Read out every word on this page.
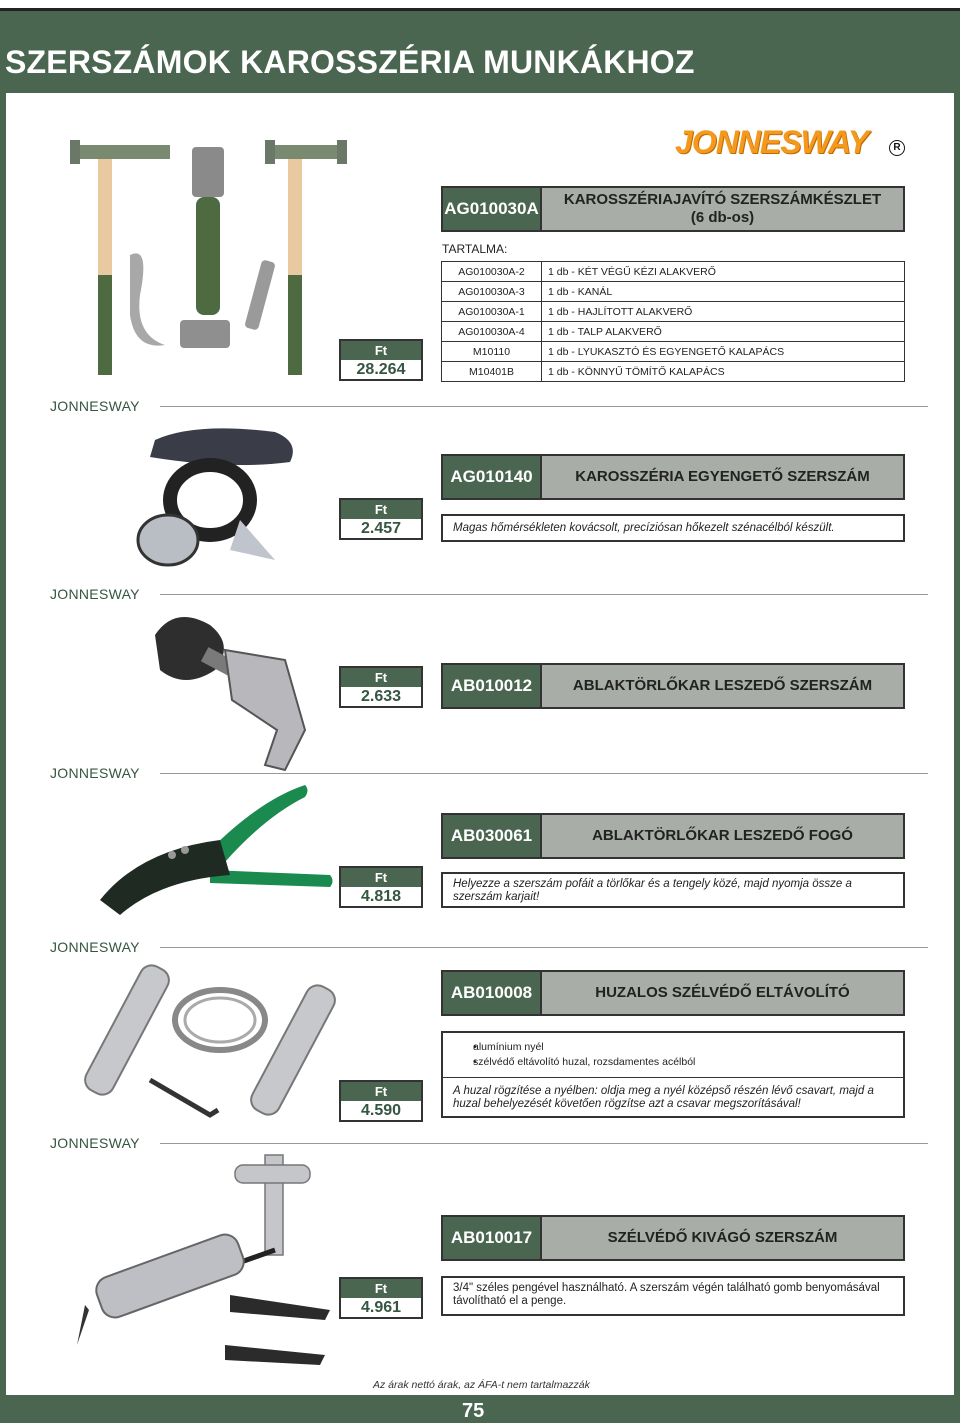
SZERSZÁMOK KAROSSZÉRIA MUNKÁKHOZ
JONNESWAY	R
AG010030A KAROSSZÉRIAJAVÍTÓ SZERSZÁMKÉSZLET
(6 db-os)
TARTALMA:
AG010030A-2	1 db - KÉT VÉGŰ KÉZI ALAKVERŐ
AG010030A-3	1 db - KANÁL
AG010030A-1	1 db - HAJLÍTOTT ALAKVERŐ
AG010030A-4	1 db - TALP ALAKVERŐ
M10110	1 db - LYUKASZTÓ ÉS EGYENGETŐ KALAPÁCS
M10401B	1 db - KÖNNYŰ TÖMÍTŐ KALAPÁCS
Ft
28.264
JONNESWAY
AG010140	KAROSSZÉRIA EGYENGETŐ SZERSZÁM
Ft
2.457	Magas hőmérsékleten kovácsolt, precíziósan hőkezelt szénacélból készült.
JONNESWAY
Ft
2.633
AB010012	ABLAKTÖRLŐKAR LESZEDŐ SZERSZÁM
JONNESWAY
AB030061	ABLAKTÖRLŐKAR LESZEDŐ FOGÓ
Ft
4.818
Helyezze a szerszám pofáit a törlőkar és a tengely közé, majd nyomja össze a szerszám karjait!
JONNESWAY
AB010008	HUZALOS SZÉLVÉDŐ ELTÁVOLÍTÓ
• alumínium nyél
• szélvédő eltávolító huzal, rozsdamentes acélból
Ft
4.590
A huzal rögzítése a nyélben: oldja meg a nyél középső részén lévő csavart, majd a huzal behelyezését követően rögzítse azt a csavar megszorításával!
JONNESWAY
AB010017	SZÉLVÉDŐ KIVÁGÓ SZERSZÁM
Ft
4.961
3/4" széles pengével használható. A szerszám végén található gomb benyomásával távolítható el a penge.
Az árak nettó árak, az ÁFA-t nem tartalmazzák
75
